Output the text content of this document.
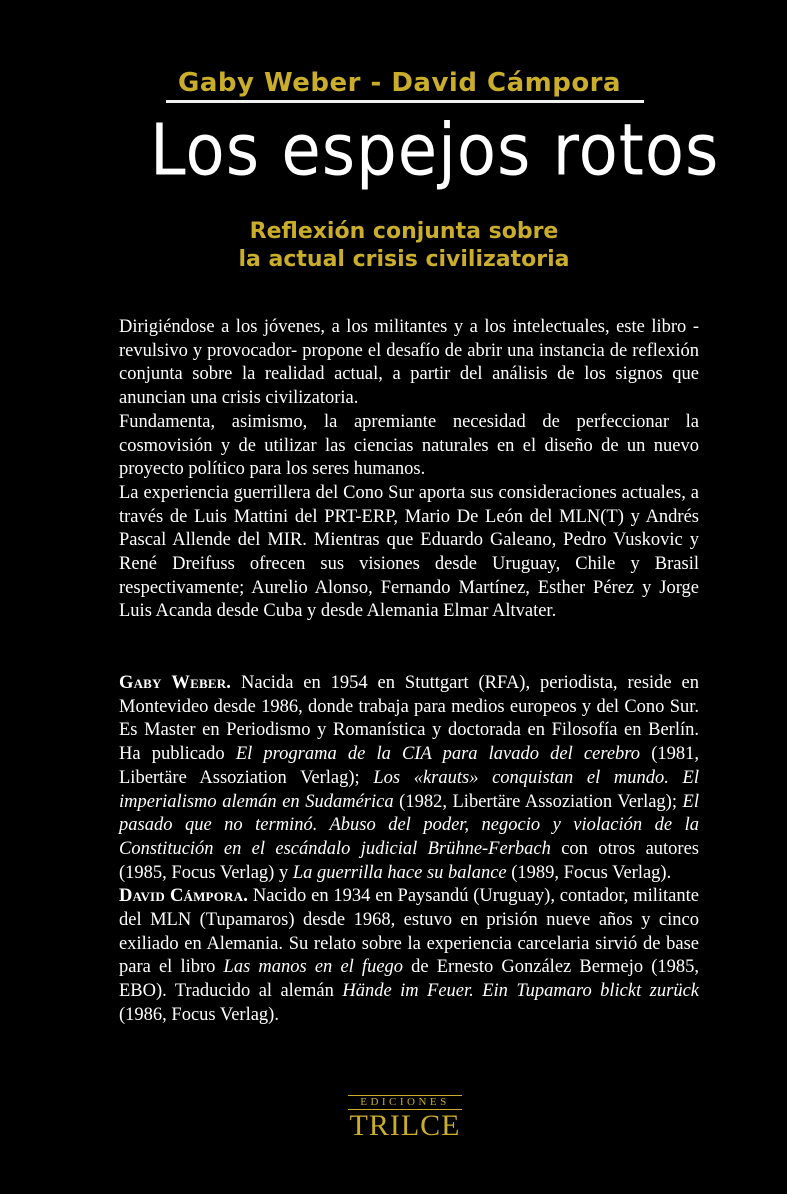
Gaby Weber - David Cámpora
Los espejos rotos
Reflexión conjunta sobre
la actual crisis civilizatoria

Dirigiéndose a los jóvenes, a los militantes y a los intelectuales, este libro -revulsivo y provocador- propone el desafío de abrir una instancia de reflexión conjunta sobre la realidad actual, a partir del análisis de los signos que anuncian una crisis civilizatoria.

Fundamenta, asimismo, la apremiante necesidad de perfeccionar la cosmovisión y de utilizar las ciencias naturales en el diseño de un nuevo proyecto político para los seres humanos.

La experiencia guerrillera del Cono Sur aporta sus consideraciones actuales, a través de Luis Mattini del PRT-ERP, Mario De León del MLN(T) y Andrés Pascal Allende del MIR. Mientras que Eduardo Galeano, Pedro Vuskovic y René Dreifuss ofrecen sus visiones desde Uruguay, Chile y Brasil respectivamente; Aurelio Alonso, Fernando Martínez, Esther Pérez y Jorge Luis Acanda desde Cuba y desde Alemania Elmar Altvater.

Gaby Weber. Nacida en 1954 en Stuttgart (RFA), periodista, reside en Montevideo desde 1986, donde trabaja para medios europeos y del Cono Sur. Es Master en Periodismo y Romanística y doctorada en Filosofía en Berlín. Ha publicado El programa de la CIA para lavado del cerebro (1981, Libertäre Assoziation Verlag); Los «krauts» conquistan el mundo. El imperialismo alemán en Sudamérica (1982, Libertäre Assoziation Verlag); El pasado que no terminó. Abuso del poder, negocio y violación de la Constitución en el escándalo judicial Brühne-Ferbach con otros autores (1985, Focus Verlag) y La guerrilla hace su balance (1989, Focus Verlag).

David Cámpora. Nacido en 1934 en Paysandú (Uruguay), contador, militante del MLN (Tupamaros) desde 1968, estuvo en prisión nueve años y cinco exiliado en Alemania. Su relato sobre la experiencia carcelaria sirvió de base para el libro Las manos en el fuego de Ernesto González Bermejo (1985, EBO). Traducido al alemán Hände im Feuer. Ein Tupamaro blickt zurück (1986, Focus Verlag).

EDICIONES
TRILCE
